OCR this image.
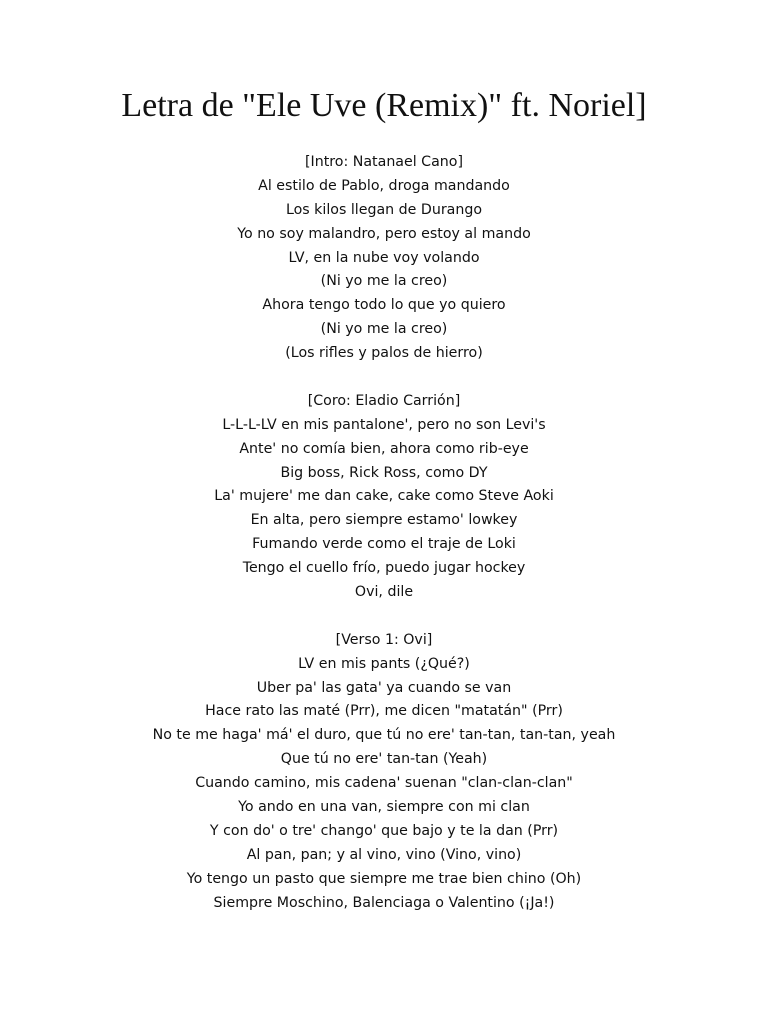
Letra de "Ele Uve (Remix)" ft. Noriel]
[Intro: Natanael Cano]
Al estilo de Pablo, droga mandando
Los kilos llegan de Durango
Yo no soy malandro, pero estoy al mando
LV, en la nube voy volando
(Ni yo me la creo)
Ahora tengo todo lo que yo quiero
(Ni yo me la creo)
(Los rifles y palos de hierro)
[Coro: Eladio Carrión]
L-L-L-LV en mis pantalone', pero no son Levi's
Ante' no comía bien, ahora como rib-eye
Big boss, Rick Ross, como DY
La' mujere' me dan cake, cake como Steve Aoki
En alta, pero siempre estamo' lowkey
Fumando verde como el traje de Loki
Tengo el cuello frío, puedo jugar hockey
Ovi, dile
[Verso 1: Ovi]
LV en mis pants (¿Qué?)
Uber pa' las gata' ya cuando se van
Hace rato las maté (Prr), me dicen "matatán" (Prr)
No te me haga' má' el duro, que tú no ere' tan-tan, tan-tan, yeah
Que tú no ere' tan-tan (Yeah)
Cuando camino, mis cadena' suenan "clan-clan-clan"
Yo ando en una van, siempre con mi clan
Y con do' o tre' chango' que bajo y te la dan (Prr)
Al pan, pan; y al vino, vino (Vino, vino)
Yo tengo un pasto que siempre me trae bien chino (Oh)
Siempre Moschino, Balenciaga o Valentino (¡Ja!)
